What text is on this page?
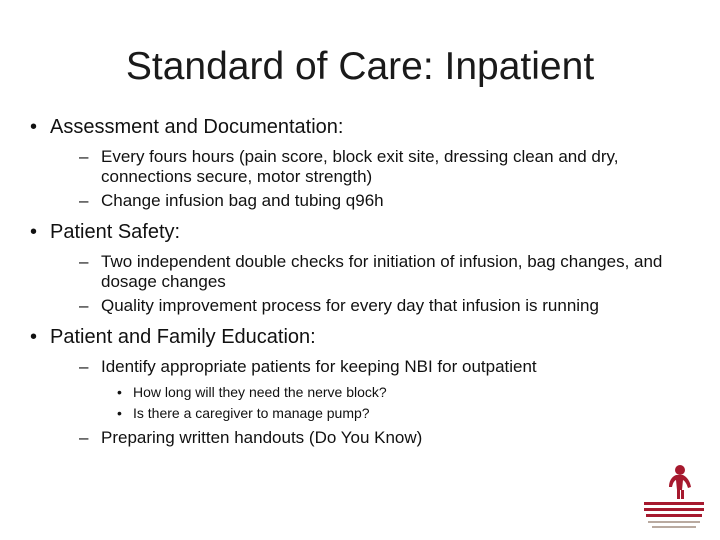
Standard of Care: Inpatient
• Assessment and Documentation:
– Every fours hours (pain score, block exit site, dressing clean and dry, connections secure, motor strength)
– Change infusion bag and tubing q96h
• Patient Safety:
– Two independent double checks for initiation of infusion, bag changes, and dosage changes
– Quality improvement process for every day that infusion is running
• Patient and Family Education:
– Identify appropriate patients for keeping NBI for outpatient
• How long will they need the nerve block?
• Is there a caregiver to manage pump?
– Preparing written handouts (Do You Know)
